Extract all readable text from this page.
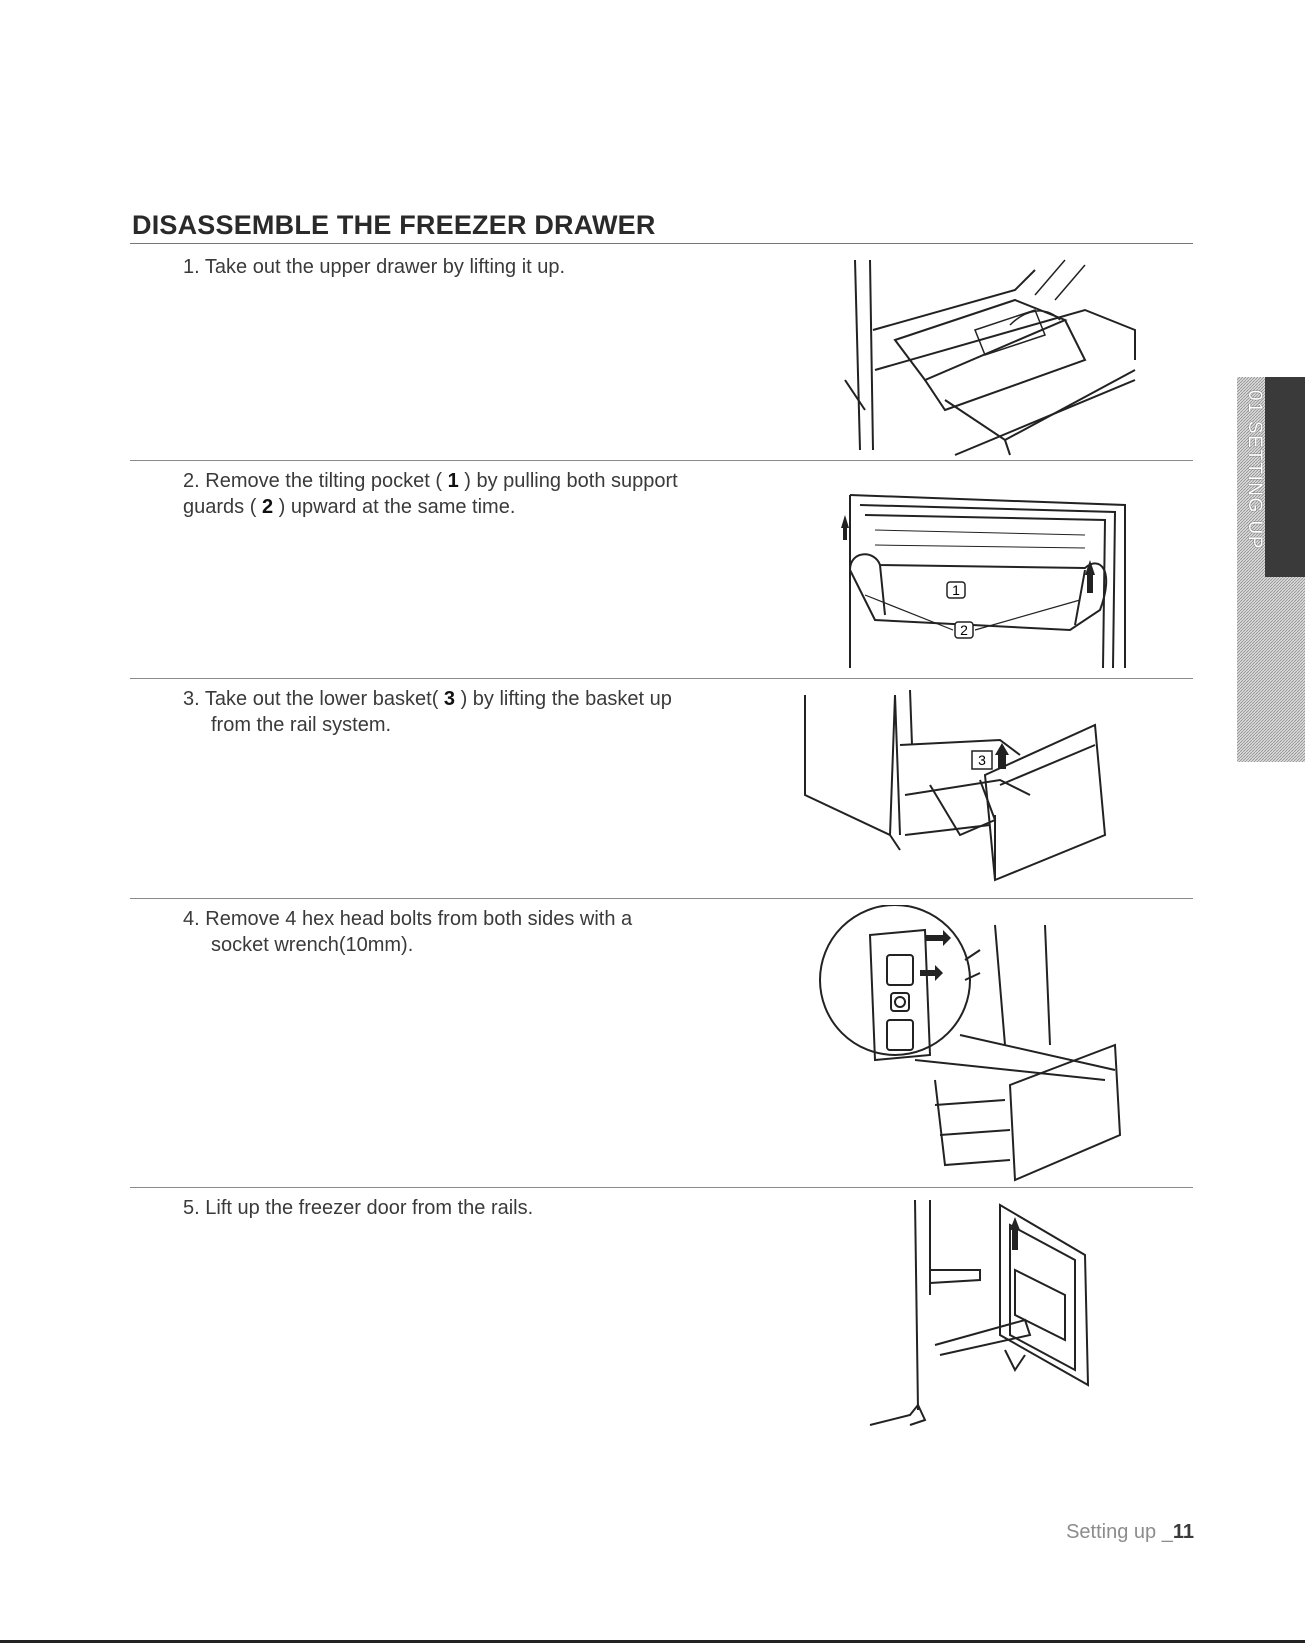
DISASSEMBLE THE FREEZER DRAWER
1. Take out the upper drawer by lifting it up.
2. Remove the tilting pocket ( 1 ) by pulling both support
guards ( 2 ) upward at the same time.
1
2
3. Take out the lower basket( 3 ) by lifting the basket up
from the rail system.
3
4. Remove 4 hex head bolts from both sides with a
socket wrench(10mm).
5. Lift up the freezer door from the rails.
01 SETTING UP
Setting up _11
